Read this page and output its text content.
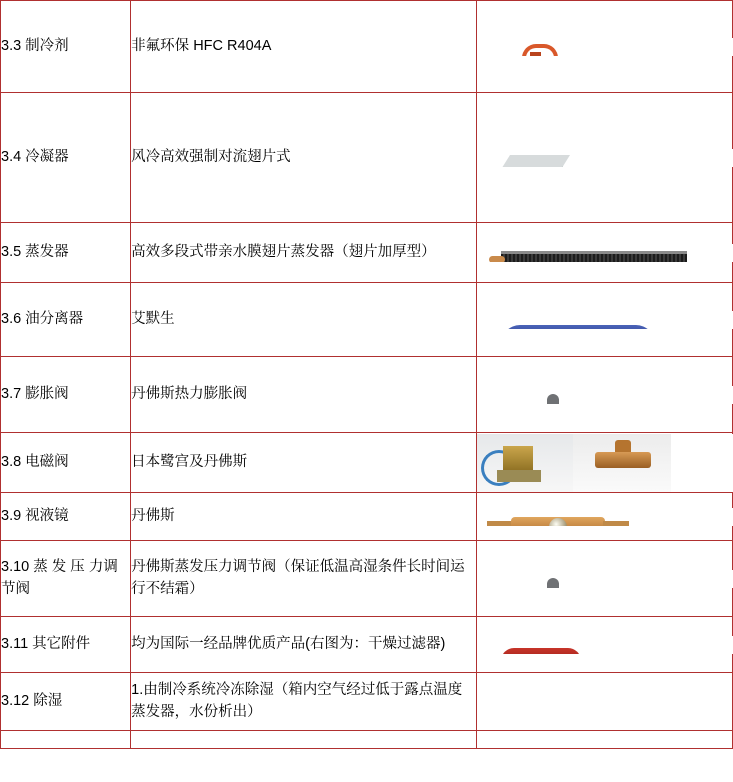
3.3 制冷剂	非氟环保 HFC R404A	

3.4 冷凝器	风冷高效强制对流翅片式	

3.5 蒸发器	高效多段式带亲水膜翅片蒸发器（翅片加厚型）	

3.6 油分离器	艾默生	

3.7 膨胀阀	丹佛斯热力膨胀阀	

3.8 电磁阀	日本鹭宫及丹佛斯	

3.9 视液镜	丹佛斯	

3.10 蒸 发 压 力调节阀	丹佛斯蒸发压力调节阀（保证低温高湿条件长时间运行不结霜）	

3.11 其它附件	均为国际一经品牌优质产品(右图为：干燥过滤器)	

3.12 除湿	1.由制冷系统冷冻除湿（箱内空气经过低于露点温度蒸发器，水份析出）	
